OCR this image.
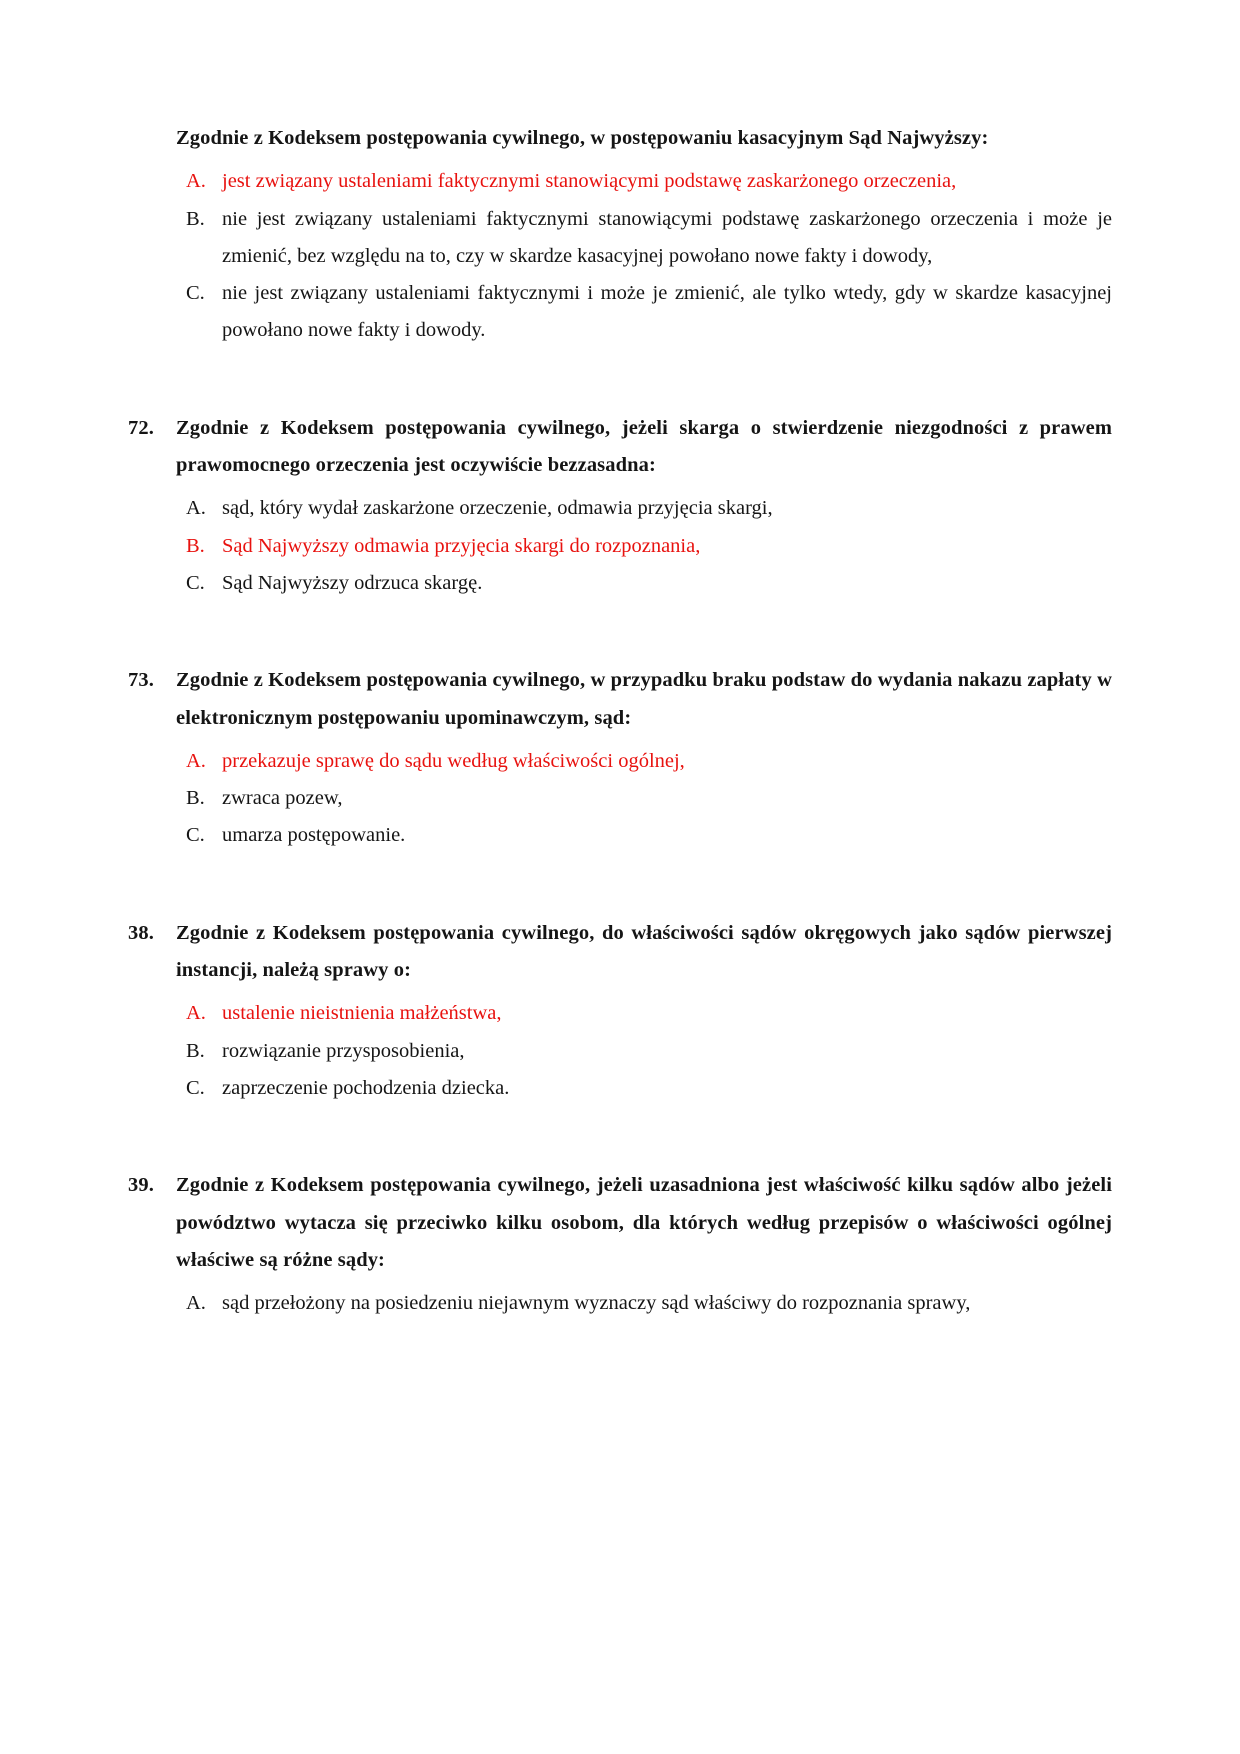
Zgodnie z Kodeksem postępowania cywilnego, w postępowaniu kasacyjnym Sąd Najwyższy:
A. jest związany ustaleniami faktycznymi stanowiącymi podstawę zaskarżonego orzeczenia,
B. nie jest związany ustaleniami faktycznymi stanowiącymi podstawę zaskarżonego orzeczenia i może je zmienić, bez względu na to, czy w skardze kasacyjnej powołano nowe fakty i dowody,
C. nie jest związany ustaleniami faktycznymi i może je zmienić, ale tylko wtedy, gdy w skardze kasacyjnej powołano nowe fakty i dowody.
72.	Zgodnie z Kodeksem postępowania cywilnego, jeżeli skarga o stwierdzenie niezgodności z prawem prawomocnego orzeczenia jest oczywiście bezzasadna:
A. sąd, który wydał zaskarżone orzeczenie, odmawia przyjęcia skargi,
B. Sąd Najwyższy odmawia przyjęcia skargi do rozpoznania,
C. Sąd Najwyższy odrzuca skargę.
73.	Zgodnie z Kodeksem postępowania cywilnego, w przypadku braku podstaw do wydania nakazu zapłaty w elektronicznym postępowaniu upominawczym, sąd:
A. przekazuje sprawę do sądu według właściwości ogólnej,
B. zwraca pozew,
C. umarza postępowanie.
38.	Zgodnie z Kodeksem postępowania cywilnego, do właściwości sądów okręgowych jako sądów pierwszej instancji, należą sprawy o:
A. ustalenie nieistnienia małżeństwa,
B. rozwiązanie przysposobienia,
C. zaprzeczenie pochodzenia dziecka.
39.	Zgodnie z Kodeksem postępowania cywilnego, jeżeli uzasadniona jest właściwość kilku sądów albo jeżeli powództwo wytacza się przeciwko kilku osobom, dla których według przepisów o właściwości ogólnej właściwe są różne sądy:
A. sąd przełożony na posiedzeniu niejawnym wyznaczy sąd właściwy do rozpoznania sprawy,
